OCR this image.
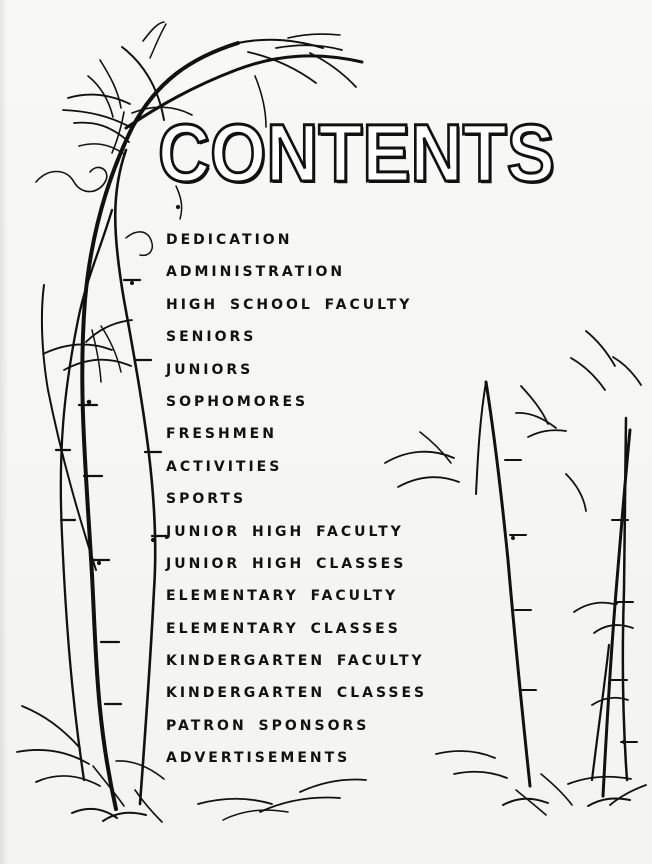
CONTENTS
DEDICATION
ADMINISTRATION
HIGH SCHOOL FACULTY
SENIORS
JUNIORS
SOPHOMORES
FRESHMEN
ACTIVITIES
SPORTS
JUNIOR HIGH FACULTY
JUNIOR HIGH CLASSES
ELEMENTARY FACULTY
ELEMENTARY CLASSES
KINDERGARTEN FACULTY
KINDERGARTEN CLASSES
PATRON SPONSORS
ADVERTISEMENTS
